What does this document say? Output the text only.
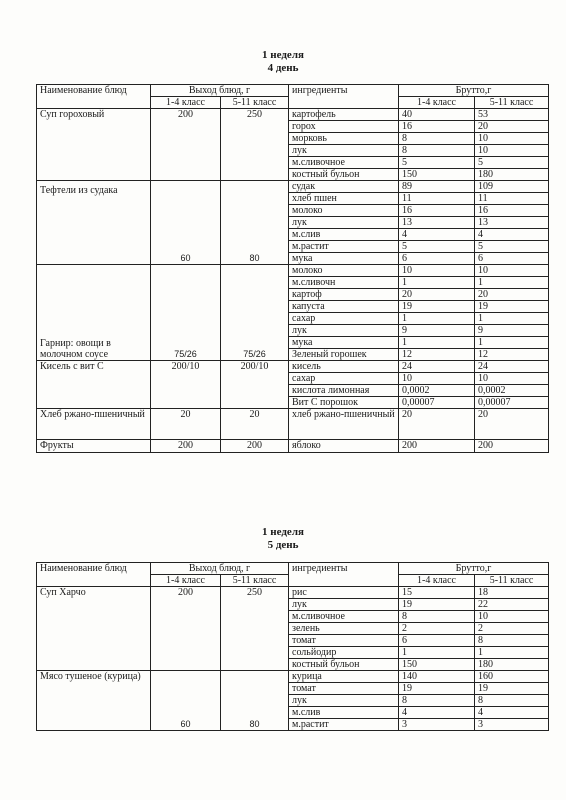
1 неделя
4 день
Наименование блюд	Выход блюд, г		ингредиенты	Брутто,г	
	1-4 класс	5-11 класс		1-4 класс	5-11 класс
Суп гороховый	200	250	картофель	40	53
			горох	16	20
			морковь	8	10
			лук	8	10
			м.сливочное	5	5
			костный бульон	150	180
Тефтели из судака	60	80	судак	89	109
			хлеб пшен	11	11
			молоко	16	16
			лук	13	13
			м.слив	4	4
			м.растит	5	5
			мука	6	6
Гарнир: овощи в молочном соусе	75/26	75/26	молоко	10	10
			м.сливочн	1	1
			картоф	20	20
			капуста	19	19
			сахар	1	1
			лук	9	9
			мука	1	1
			Зеленый горошек	12	12
Кисель с вит С	200/10	200/10	кисель	24	24
			сахар	10	10
			кислота лимонная	0,0002	0,0002
			Вит С порошок	0,00007	0,00007
Хлеб ржано-пшеничный	20	20	хлеб ржано-пшеничный	20	20
Фрукты	200	200	яблоко	200	200
1 неделя
5 день
Наименование блюд	Выход блюд, г		ингредиенты	Брутто,г	
	1-4 класс	5-11 класс		1-4 класс	5-11 класс
Суп Харчо	200	250	рис	15	18
			лук	19	22
			м.сливочное	8	10
			зелень	2	2
			томат	6	8
			сольйодир	1	1
			костный бульон	150	180
Мясо тушеное (курица)	60	80	курица	140	160
			томат	19	19
			лук	8	8
			м.слив	4	4
			м.растит	3	3
